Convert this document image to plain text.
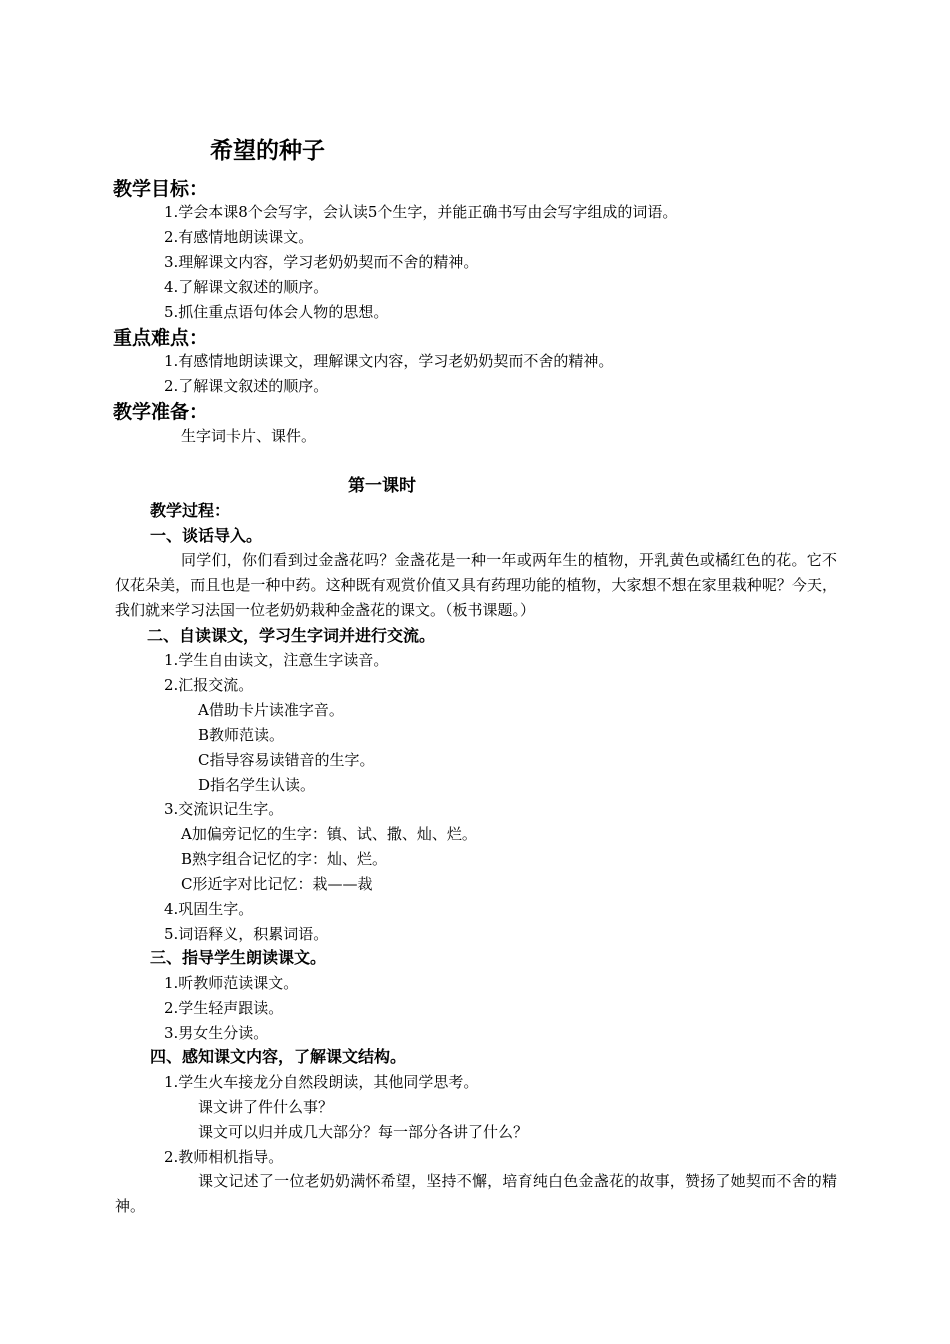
希望的种子
教学目标：
1.学会本课8个会写字，会认读5个生字，并能正确书写由会写字组成的词语。
2.有感情地朗读课文。
3.理解课文内容，学习老奶奶契而不舍的精神。
4.了解课文叙述的顺序。
5.抓住重点语句体会人物的思想。
重点难点：
1.有感情地朗读课文，理解课文内容，学习老奶奶契而不舍的精神。
2.了解课文叙述的顺序。
教学准备：
生字词卡片、课件。
第一课时
教学过程：
一、谈话导入。
同学们，你们看到过金盏花吗？金盏花是一种一年或两年生的植物，开乳黄色或橘红色的花。它不仅花朵美，而且也是一种中药。这种既有观赏价值又具有药理功能的植物，大家想不想在家里栽种呢？今天，我们就来学习法国一位老奶奶栽种金盏花的课文。（板书课题。）
二、自读课文，学习生字词并进行交流。
1.学生自由读文，注意生字读音。
2.汇报交流。
A借助卡片读准字音。
B教师范读。
C指导容易读错音的生字。
D指名学生认读。
3.交流识记生字。
A加偏旁记忆的生字：镇、试、撒、灿、烂。
B熟字组合记忆的字：灿、烂。
C形近字对比记忆：栽——裁
4.巩固生字。
5.词语释义，积累词语。
三、指导学生朗读课文。
1.听教师范读课文。
2.学生轻声跟读。
3.男女生分读。
四、感知课文内容，了解课文结构。
1.学生火车接龙分自然段朗读，其他同学思考。
课文讲了件什么事？
课文可以归并成几大部分？每一部分各讲了什么？
2.教师相机指导。
课文记述了一位老奶奶满怀希望，坚持不懈，培育纯白色金盏花的故事，赞扬了她契而不舍的精神。
